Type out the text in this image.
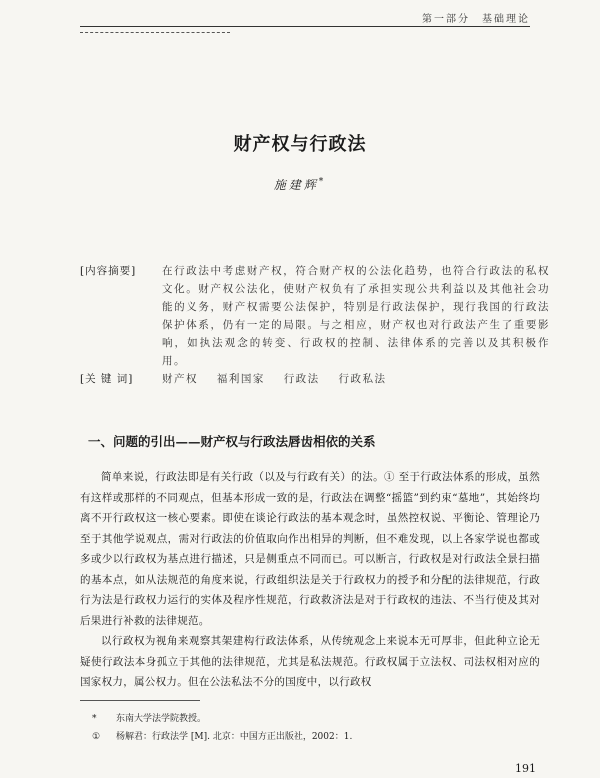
第一部分　基础理论
财产权与行政法
施建辉*
[内容摘要]	在行政法中考虑财产权，符合财产权的公法化趋势，也符合行政法的私权文化。财产权公法化，使财产权负有了承担实现公共利益以及其他社会功能的义务，财产权需要公法保护，特别是行政法保护，现行我国的行政法保护体系，仍有一定的局限。与之相应，财产权也对行政法产生了重要影响，如执法观念的转变、行政权的控制、法律体系的完善以及其积极作用。
[关 键 词]	财产权 福利国家 行政法 行政私法
一、问题的引出——财产权与行政法唇齿相依的关系

简单来说，行政法即是有关行政（以及与行政有关）的法。① 至于行政法体系的形成，虽然有这样或那样的不同观点，但基本形成一致的是，行政法在调整“摇篮”到约束“墓地”，其始终均离不开行政权这一核心要素。即使在谈论行政法的基本观念时，虽然控权说、平衡论、管理论乃至于其他学说观点，需对行政法的价值取向作出相异的判断，但不难发现，以上各家学说也都或多或少以行政权为基点进行描述，只是侧重点不同而已。可以断言，行政权是对行政法全景扫描的基本点，如从法规范的角度来说，行政组织法是关于行政权力的授予和分配的法律规范，行政行为法是行政权力运行的实体及程序性规范，行政救济法是对于行政权的违法、不当行使及其对后果进行补救的法律规范。

以行政权为视角来观察其架建构行政法体系，从传统观念上来说本无可厚非，但此种立论无疑使行政法本身孤立于其他的法律规范，尤其是私法规范。行政权属于立法权、司法权相对应的国家权力，属公权力。但在公法私法不分的国度中，以行政权

* 东南大学法学院教授。
① 杨解君：行政法学 [M]. 北京：中国方正出版社，2002：1.
191
